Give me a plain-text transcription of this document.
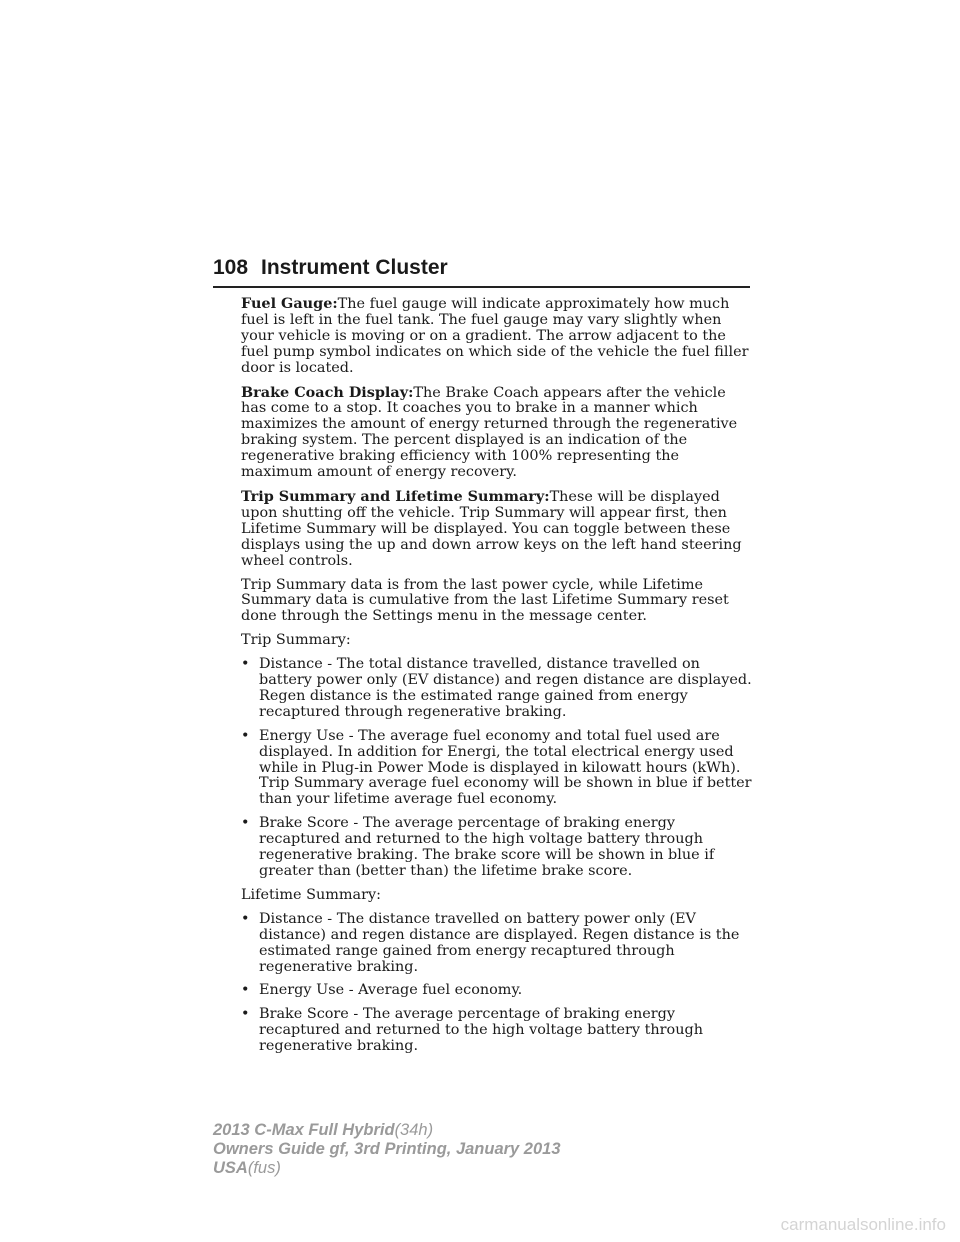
108 Instrument Cluster

Fuel Gauge:The fuel gauge will indicate approximately how much fuel is left in the fuel tank. The fuel gauge may vary slightly when your vehicle is moving or on a gradient. The arrow adjacent to the fuel pump symbol indicates on which side of the vehicle the fuel filler door is located.

Brake Coach Display:The Brake Coach appears after the vehicle has come to a stop. It coaches you to brake in a manner which maximizes the amount of energy returned through the regenerative braking system. The percent displayed is an indication of the regenerative braking efficiency with 100% representing the maximum amount of energy recovery.

Trip Summary and Lifetime Summary:These will be displayed upon shutting off the vehicle. Trip Summary will appear first, then Lifetime Summary will be displayed. You can toggle between these displays using the up and down arrow keys on the left hand steering wheel controls.

Trip Summary data is from the last power cycle, while Lifetime Summary data is cumulative from the last Lifetime Summary reset done through the Settings menu in the message center.

Trip Summary:

• Distance - The total distance travelled, distance travelled on battery power only (EV distance) and regen distance are displayed. Regen distance is the estimated range gained from energy recaptured through regenerative braking.
• Energy Use - The average fuel economy and total fuel used are displayed. In addition for Energi, the total electrical energy used while in Plug-in Power Mode is displayed in kilowatt hours (kWh). Trip Summary average fuel economy will be shown in blue if better than your lifetime average fuel economy.
• Brake Score - The average percentage of braking energy recaptured and returned to the high voltage battery through regenerative braking. The brake score will be shown in blue if greater than (better than) the lifetime brake score.

Lifetime Summary:

• Distance - The distance travelled on battery power only (EV distance) and regen distance are displayed. Regen distance is the estimated range gained from energy recaptured through regenerative braking.
• Energy Use - Average fuel economy.
• Brake Score - The average percentage of braking energy recaptured and returned to the high voltage battery through regenerative braking.
2013 C-Max Full Hybrid(34h)
Owners Guide gf, 3rd Printing, January 2013
USA(fus)
carmanualsonline.info
